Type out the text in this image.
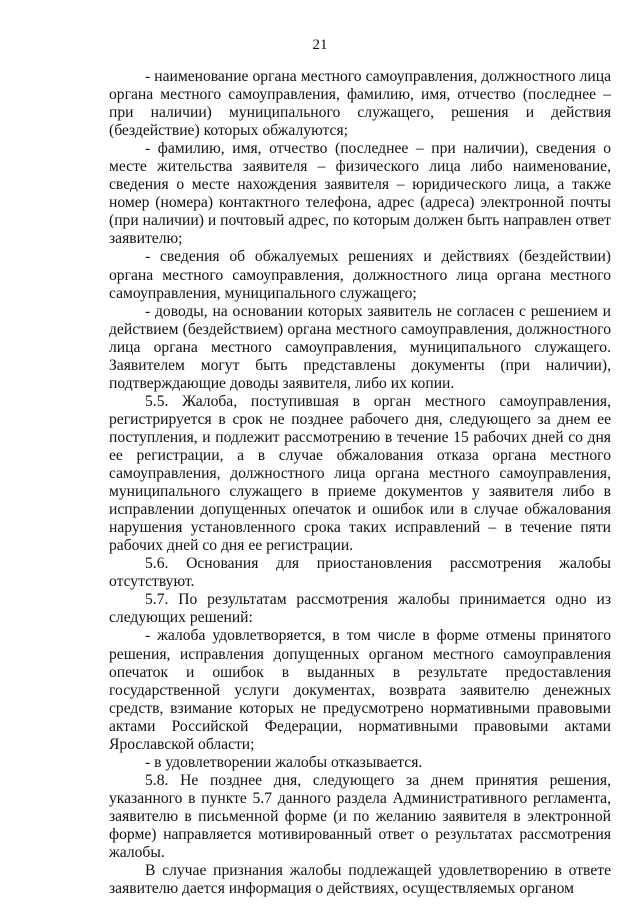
21

- наименование органа местного самоуправления, должностного лица органа местного самоуправления, фамилию, имя, отчество (последнее – при наличии) муниципального служащего, решения и действия (бездействие) которых обжалуются;

- фамилию, имя, отчество (последнее – при наличии), сведения о месте жительства заявителя – физического лица либо наименование, сведения о месте нахождения заявителя – юридического лица, а также номер (номера) контактного телефона, адрес (адреса) электронной почты (при наличии) и почтовый адрес, по которым должен быть направлен ответ заявителю;

- сведения об обжалуемых решениях и действиях (бездействии) органа местного самоуправления, должностного лица органа местного самоуправления, муниципального служащего;

- доводы, на основании которых заявитель не согласен с решением и действием (бездействием) органа местного самоуправления, должностного лица органа местного самоуправления, муниципального служащего. Заявителем могут быть представлены документы (при наличии), подтверждающие доводы заявителя, либо их копии.

5.5. Жалоба, поступившая в орган местного самоуправления, регистрируется в срок не позднее рабочего дня, следующего за днем ее поступления, и подлежит рассмотрению в течение 15 рабочих дней со дня ее регистрации, а в случае обжалования отказа органа местного самоуправления, должностного лица органа местного самоуправления, муниципального служащего в приеме документов у заявителя либо в исправлении допущенных опечаток и ошибок или в случае обжалования нарушения установленного срока таких исправлений – в течение пяти рабочих дней со дня ее регистрации.

5.6. Основания для приостановления рассмотрения жалобы отсутствуют.

5.7. По результатам рассмотрения жалобы принимается одно из следующих решений:

- жалоба удовлетворяется, в том числе в форме отмены принятого решения, исправления допущенных органом местного самоуправления опечаток и ошибок в выданных в результате предоставления государственной услуги документах, возврата заявителю денежных средств, взимание которых не предусмотрено нормативными правовыми актами Российской Федерации, нормативными правовыми актами Ярославской области;

- в удовлетворении жалобы отказывается.

5.8. Не позднее дня, следующего за днем принятия решения, указанного в пункте 5.7 данного раздела Административного регламента, заявителю в письменной форме (и по желанию заявителя в электронной форме) направляется мотивированный ответ о результатах рассмотрения жалобы.

В случае признания жалобы подлежащей удовлетворению в ответе заявителю дается информация о действиях, осуществляемых органом
